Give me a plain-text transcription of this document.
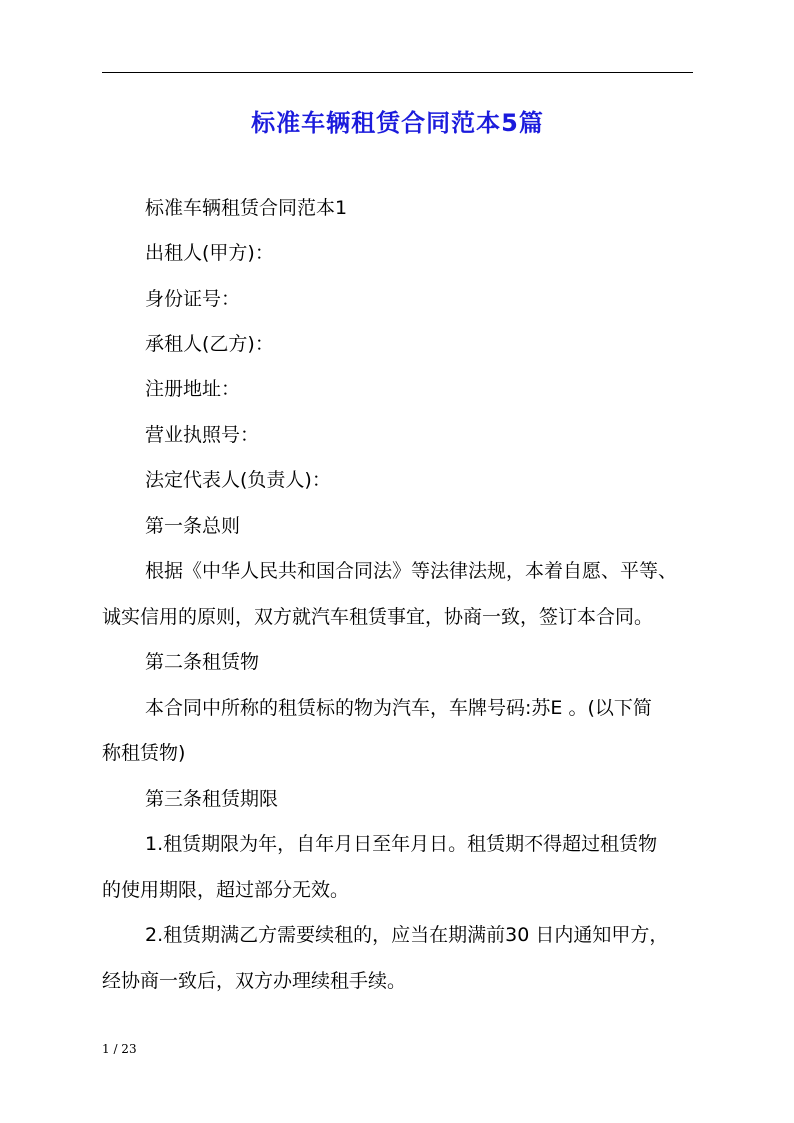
标准车辆租赁合同范本5篇
标准车辆租赁合同范本1
出租人(甲方)：
身份证号：
承租人(乙方)：
注册地址：
营业执照号：
法定代表人(负责人)：
第一条总则
根据《中华人民共和国合同法》等法律法规，本着自愿、平等、
诚实信用的原则，双方就汽车租赁事宜，协商一致，签订本合同。
第二条租赁物
本合同中所称的租赁标的物为汽车，车牌号码:苏E 。(以下简
称租赁物)
第三条租赁期限
1.租赁期限为年，自年月日至年月日。租赁期不得超过租赁物
的使用期限，超过部分无效。
2.租赁期满乙方需要续租的，应当在期满前30 日内通知甲方，
经协商一致后，双方办理续租手续。
1 / 23
